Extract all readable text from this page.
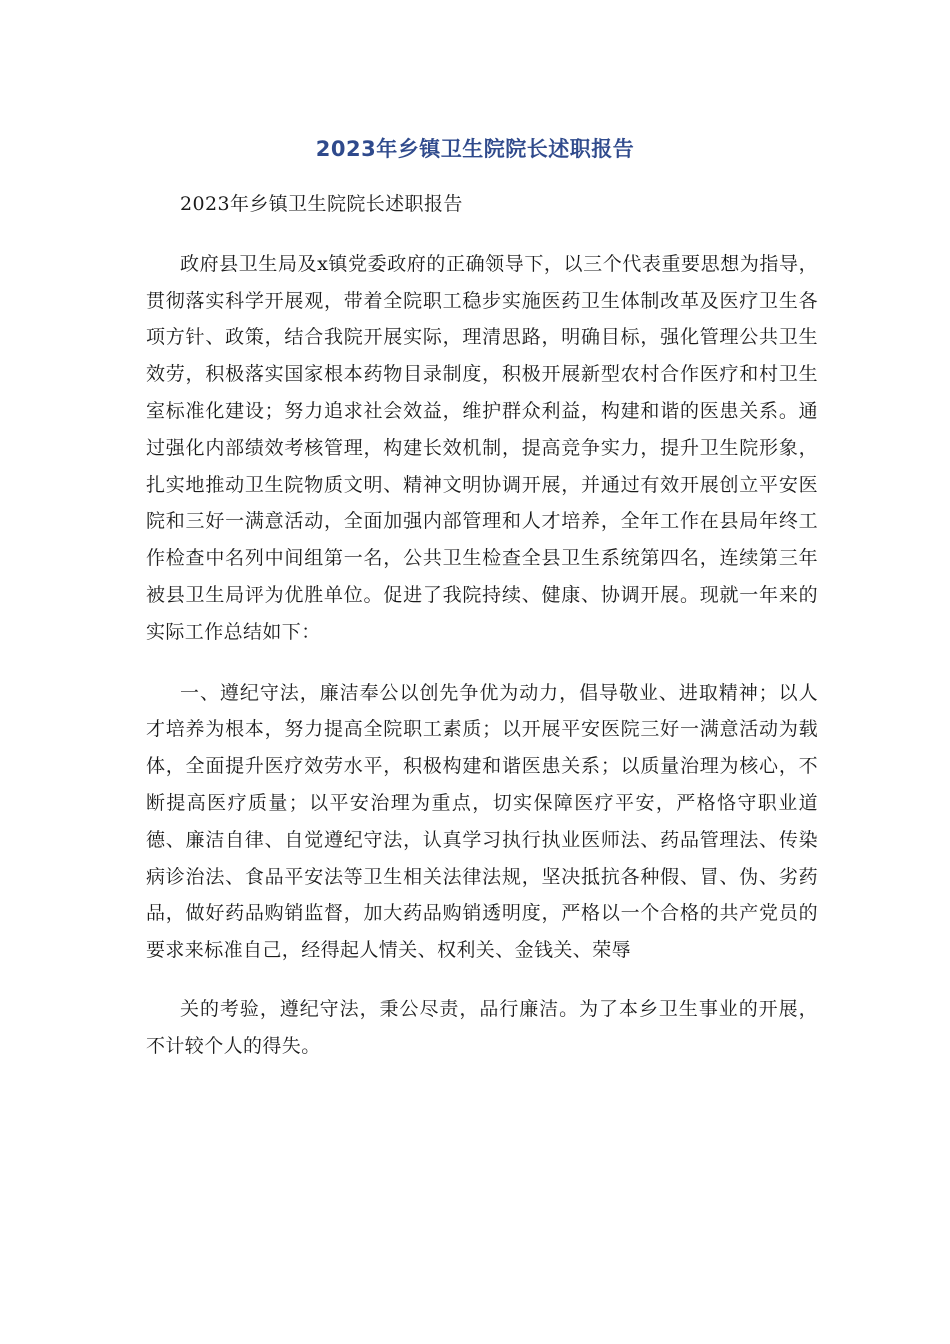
2023年乡镇卫生院院长述职报告

2023年乡镇卫生院院长述职报告

政府县卫生局及x镇党委政府的正确领导下，以三个代表重要思想为指导，贯彻落实科学开展观，带着全院职工稳步实施医药卫生体制改革及医疗卫生各项方针、政策，结合我院开展实际，理清思路，明确目标，强化管理公共卫生效劳，积极落实国家根本药物目录制度，积极开展新型农村合作医疗和村卫生室标准化建设；努力追求社会效益，维护群众利益，构建和谐的医患关系。通过强化内部绩效考核管理，构建长效机制，提高竞争实力，提升卫生院形象，扎实地推动卫生院物质文明、精神文明协调开展，并通过有效开展创立平安医院和三好一满意活动，全面加强内部管理和人才培养，全年工作在县局年终工作检查中名列中间组第一名，公共卫生检查全县卫生系统第四名，连续第三年被县卫生局评为优胜单位。促进了我院持续、健康、协调开展。现就一年来的实际工作总结如下：

一、遵纪守法，廉洁奉公以创先争优为动力，倡导敬业、进取精神；以人才培养为根本，努力提高全院职工素质；以开展平安医院三好一满意活动为载体，全面提升医疗效劳水平，积极构建和谐医患关系；以质量治理为核心，不断提高医疗质量；以平安治理为重点，切实保障医疗平安，严格恪守职业道德、廉洁自律、自觉遵纪守法，认真学习执行执业医师法、药品管理法、传染病诊治法、食品平安法等卫生相关法律法规，坚决抵抗各种假、冒、伪、劣药品，做好药品购销监督，加大药品购销透明度，严格以一个合格的共产党员的要求来标准自己，经得起人情关、权利关、金钱关、荣辱

关的考验，遵纪守法，秉公尽责，品行廉洁。为了本乡卫生事业的开展，不计较个人的得失。
